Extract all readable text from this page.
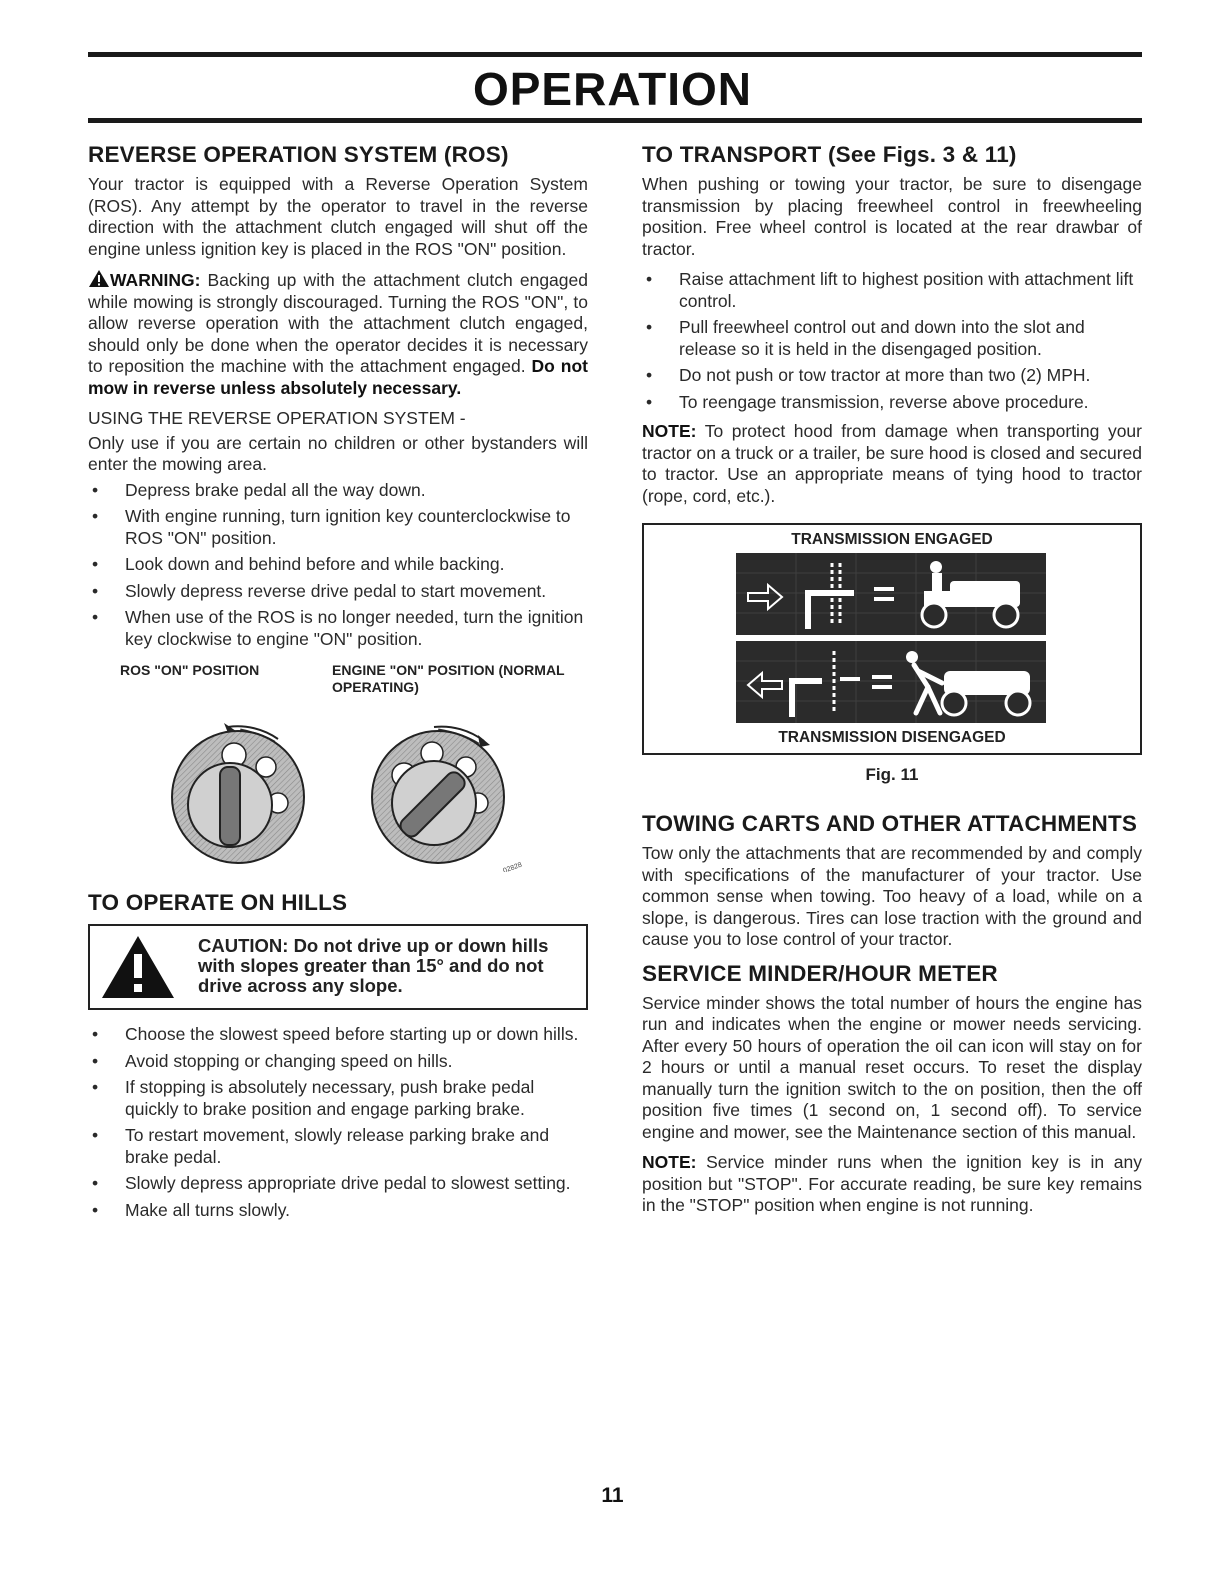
OPERATION
REVERSE OPERATION SYSTEM (ROS)

Your tractor is equipped with a Reverse Operation System (ROS). Any attempt by the operator to travel in the reverse direction with the attachment clutch engaged will shut off the engine unless ignition key is placed in the ROS "ON" position.

WARNING: Backing up with the attachment clutch engaged while mowing is strongly discouraged. Turning the ROS "ON", to allow reverse operation with the attachment clutch engaged, should only be done when the operator decides it is necessary to reposition the machine with the attachment engaged. Do not mow in reverse unless absolutely necessary.

USING THE REVERSE OPERATION SYSTEM -

Only use if you are certain no children or other bystanders will enter the mowing area.

• Depress brake pedal all the way down.
• With engine running, turn ignition key counterclockwise to ROS "ON" position.
• Look down and behind before and while backing.
• Slowly depress reverse drive pedal to start movement.
• When use of the ROS is no longer needed, turn the ignition key clockwise to engine "ON" position.
ROS "ON" POSITION	ENGINE "ON" POSITION (NORMAL OPERATING)
02828
TO OPERATE ON HILLS
CAUTION: Do not drive up or down hills with slopes greater than 15° and do not drive across any slope.
• Choose the slowest speed before starting up or down hills.
• Avoid stopping or changing speed on hills.
• If stopping is absolutely necessary, push brake pedal quickly to brake position and engage parking brake.
• To restart movement, slowly release parking brake and brake pedal.
• Slowly depress appropriate drive pedal to slowest setting.
• Make all turns slowly.
TO TRANSPORT (See Figs. 3 & 11)

When pushing or towing your tractor, be sure to disengage transmission by placing freewheel control in freewheeling position. Free wheel control is located at the rear drawbar of tractor.

• Raise attachment lift to highest position with attachment lift control.
• Pull freewheel control out and down into the slot and release so it is held in the disengaged position.
• Do not push or tow tractor at more than two (2) MPH.
• To reengage transmission, reverse above procedure.

NOTE: To protect hood from damage when transporting your tractor on a truck or a trailer, be sure hood is closed and secured to tractor. Use an appropriate means of tying hood to tractor (rope, cord, etc.).

TRANSMISSION ENGAGED
TRANSMISSION DISENGAGED
Fig. 11
TOWING CARTS AND OTHER ATTACHMENTS

Tow only the attachments that are recommended by and comply with specifications of the manufacturer of your tractor. Use common sense when towing. Too heavy of a load, while on a slope, is dangerous. Tires can lose traction with the ground and cause you to lose control of your tractor.

SERVICE MINDER/HOUR METER

Service minder shows the total number of hours the engine has run and indicates when the engine or mower needs servicing. After every 50 hours of operation the oil can icon will stay on for 2 hours or until a manual reset occurs. To reset the display manually turn the ignition switch to the on position, then the off position five times (1 second on, 1 second off). To service engine and mower, see the Maintenance section of this manual.

NOTE: Service minder runs when the ignition key is in any position but "STOP". For accurate reading, be sure key remains in the "STOP" position when engine is not running.

11
